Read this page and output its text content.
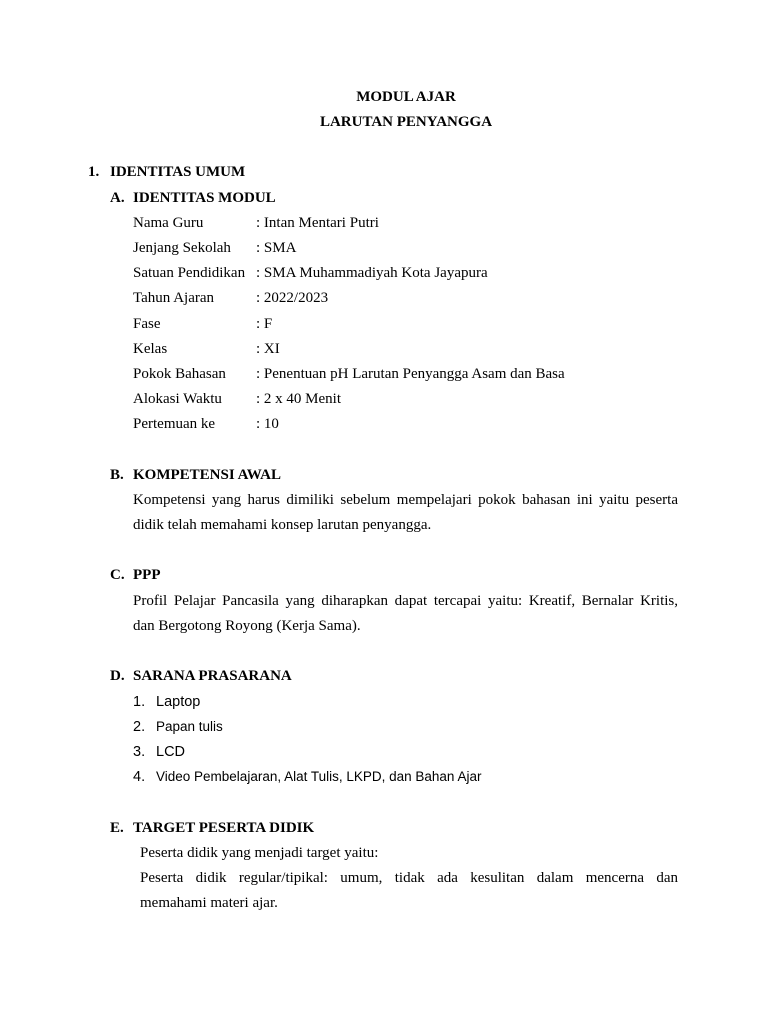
MODUL AJAR
LARUTAN PENYANGGA
1. IDENTITAS UMUM
A. IDENTITAS MODUL
Nama Guru	: Intan Mentari Putri
Jenjang Sekolah : SMA
Satuan Pendidikan : SMA Muhammadiyah Kota Jayapura
Tahun Ajaran	: 2022/2023
Fase	: F
Kelas	: XI
Pokok Bahasan : Penentuan pH Larutan Penyangga Asam dan Basa
Alokasi Waktu : 2 x 40 Menit
Pertemuan ke	: 10
B. KOMPETENSI AWAL
Kompetensi yang harus dimiliki sebelum mempelajari pokok bahasan ini yaitu peserta
didik telah memahami konsep larutan penyangga.
C. PPP
Profil Pelajar Pancasila yang diharapkan dapat tercapai yaitu: Kreatif, Bernalar Kritis,
dan Bergotong Royong (Kerja Sama).
D. SARANA PRASARANA
1. Laptop
2. Papan tulis
3. LCD
4. Video Pembelajaran, Alat Tulis, LKPD, dan Bahan Ajar
E. TARGET PESERTA DIDIK
Peserta didik yang menjadi target yaitu:
Peserta didik regular/tipikal: umum, tidak ada kesulitan dalam mencerna dan
memahami materi ajar.
